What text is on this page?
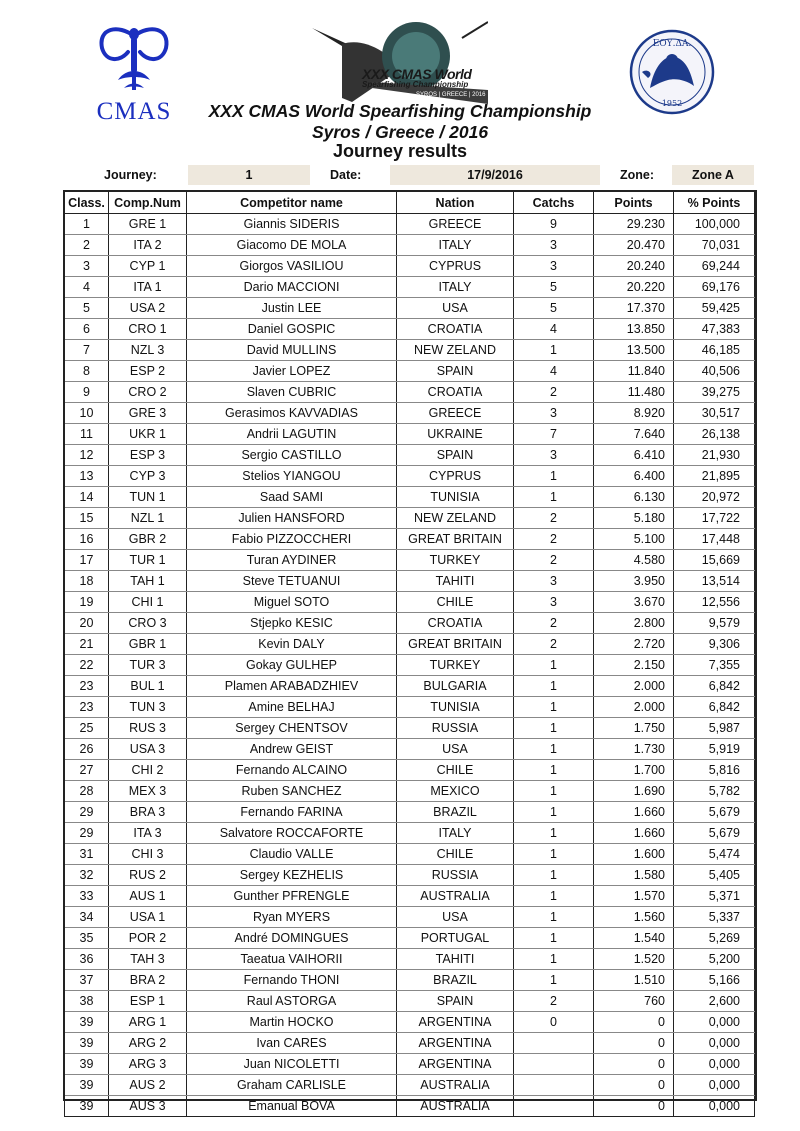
CMAS
XXX CMAS World
Spearfishing Championship
SYROS | GREECE | 2016
ΕΟΥ.ΔΑ.
1952
XXX CMAS World Spearfishing Championship
Syros / Greece / 2016
Journey results
Journey:	1	Date:	17/9/2016	Zone:	Zone A
Class.	Comp.Num	Competitor name	Nation	Catchs	Points	% Points
1	GRE 1	Giannis SIDERIS	GREECE	9	29.230	100,000
2	ITA 2	Giacomo DE MOLA	ITALY	3	20.470	70,031
3	CYP 1	Giorgos VASILIOU	CYPRUS	3	20.240	69,244
4	ITA 1	Dario MACCIONI	ITALY	5	20.220	69,176
5	USA 2	Justin LEE	USA	5	17.370	59,425
6	CRO 1	Daniel GOSPIC	CROATIA	4	13.850	47,383
7	NZL 3	David MULLINS	NEW ZELAND	1	13.500	46,185
8	ESP 2	Javier LOPEZ	SPAIN	4	11.840	40,506
9	CRO 2	Slaven CUBRIC	CROATIA	2	11.480	39,275
10	GRE 3	Gerasimos KAVVADIAS	GREECE	3	8.920	30,517
11	UKR 1	Andrii LAGUTIN	UKRAINE	7	7.640	26,138
12	ESP 3	Sergio CASTILLO	SPAIN	3	6.410	21,930
13	CYP 3	Stelios YIANGOU	CYPRUS	1	6.400	21,895
14	TUN 1	Saad SAMI	TUNISIA	1	6.130	20,972
15	NZL 1	Julien HANSFORD	NEW ZELAND	2	5.180	17,722
16	GBR 2	Fabio PIZZOCCHERI	GREAT BRITAIN	2	5.100	17,448
17	TUR 1	Turan AYDINER	TURKEY	2	4.580	15,669
18	TAH 1	Steve TETUANUI	TAHITI	3	3.950	13,514
19	CHI 1	Miguel SOTO	CHILE	3	3.670	12,556
20	CRO 3	Stjepko KESIC	CROATIA	2	2.800	9,579
21	GBR 1	Kevin DALY	GREAT BRITAIN	2	2.720	9,306
22	TUR 3	Gokay GULHEP	TURKEY	1	2.150	7,355
23	BUL 1	Plamen ARABADZHIEV	BULGARIA	1	2.000	6,842
23	TUN 3	Amine BELHAJ	TUNISIA	1	2.000	6,842
25	RUS 3	Sergey CHENTSOV	RUSSIA	1	1.750	5,987
26	USA 3	Andrew GEIST	USA	1	1.730	5,919
27	CHI 2	Fernando ALCAINO	CHILE	1	1.700	5,816
28	MEX 3	Ruben SANCHEZ	MEXICO	1	1.690	5,782
29	BRA 3	Fernando FARINA	BRAZIL	1	1.660	5,679
29	ITA 3	Salvatore ROCCAFORTE	ITALY	1	1.660	5,679
31	CHI 3	Claudio VALLE	CHILE	1	1.600	5,474
32	RUS 2	Sergey KEZHELIS	RUSSIA	1	1.580	5,405
33	AUS 1	Gunther PFRENGLE	AUSTRALIA	1	1.570	5,371
34	USA 1	Ryan MYERS	USA	1	1.560	5,337
35	POR 2	André DOMINGUES	PORTUGAL	1	1.540	5,269
36	TAH 3	Taeatua VAIHORII	TAHITI	1	1.520	5,200
37	BRA 2	Fernando THONI	BRAZIL	1	1.510	5,166
38	ESP 1	Raul ASTORGA	SPAIN	2	760	2,600
39	ARG 1	Martin HOCKO	ARGENTINA	0	0	0,000
39	ARG 2	Ivan CARES	ARGENTINA		0	0,000
39	ARG 3	Juan NICOLETTI	ARGENTINA		0	0,000
39	AUS 2	Graham CARLISLE	AUSTRALIA		0	0,000
39	AUS 3	Emanual BOVA	AUSTRALIA		0	0,000
